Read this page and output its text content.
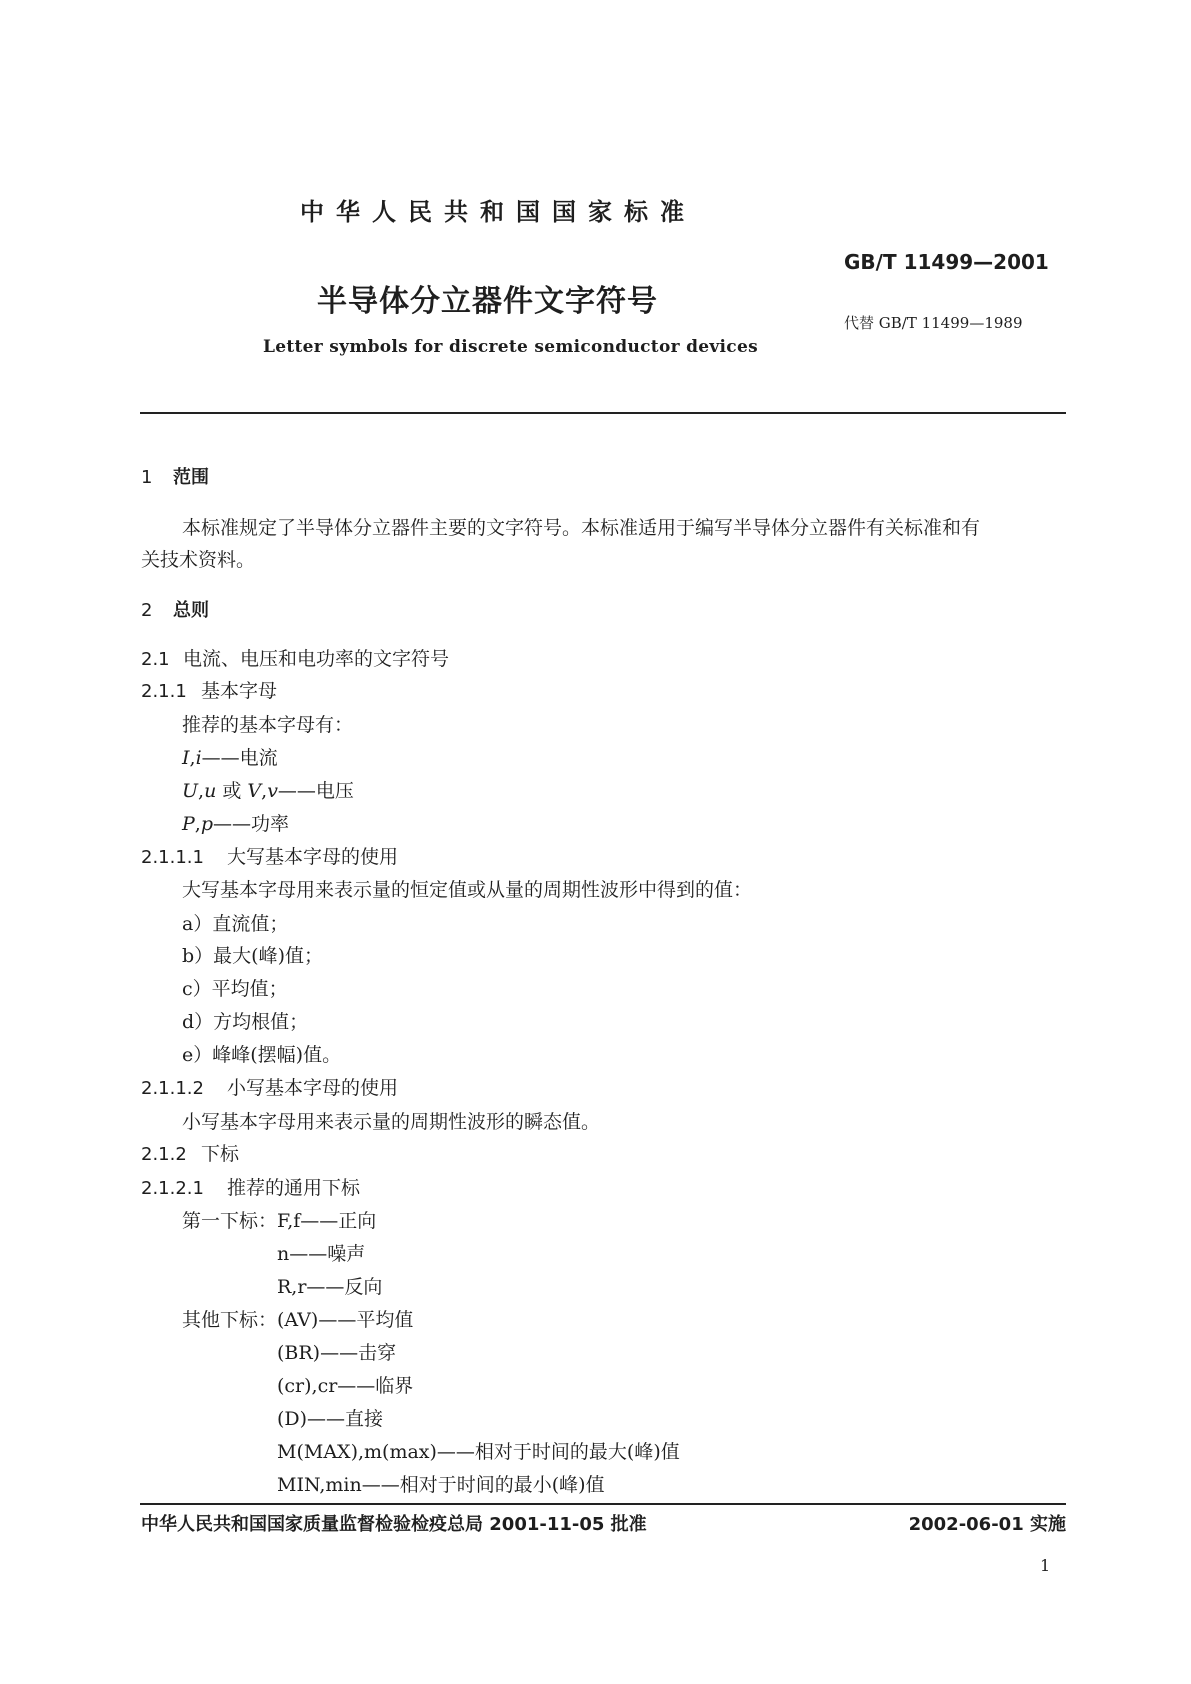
中华人民共和国国家标准
GB/T 11499—2001
半导体分立器件文字符号
代替 GB/T 11499—1989
Letter symbols for discrete semiconductor devices
1 范围
本标准规定了半导体分立器件主要的文字符号。本标准适用于编写半导体分立器件有关标准和有
关技术资料。
2 总则
2.1 电流、电压和电功率的文字符号
2.1.1 基本字母
推荐的基本字母有：
I,i——电流
U,u 或 V,v——电压
P,p——功率
2.1.1.1 大写基本字母的使用
大写基本字母用来表示量的恒定值或从量的周期性波形中得到的值：
a）直流值；
b）最大(峰)值；
c）平均值；
d）方均根值；
e）峰峰(摆幅)值。
2.1.1.2 小写基本字母的使用
小写基本字母用来表示量的周期性波形的瞬态值。
2.1.2 下标
2.1.2.1 推荐的通用下标
第一下标： F,f——正向
n——噪声
R,r——反向
其他下标： (AV)——平均值
(BR)——击穿
(cr),cr——临界
(D)——直接
M(MAX),m(max)——相对于时间的最大(峰)值
MIN,min——相对于时间的最小(峰)值
中华人民共和国国家质量监督检验检疫总局 2001-11-05 批准	2002-06-01 实施
1
